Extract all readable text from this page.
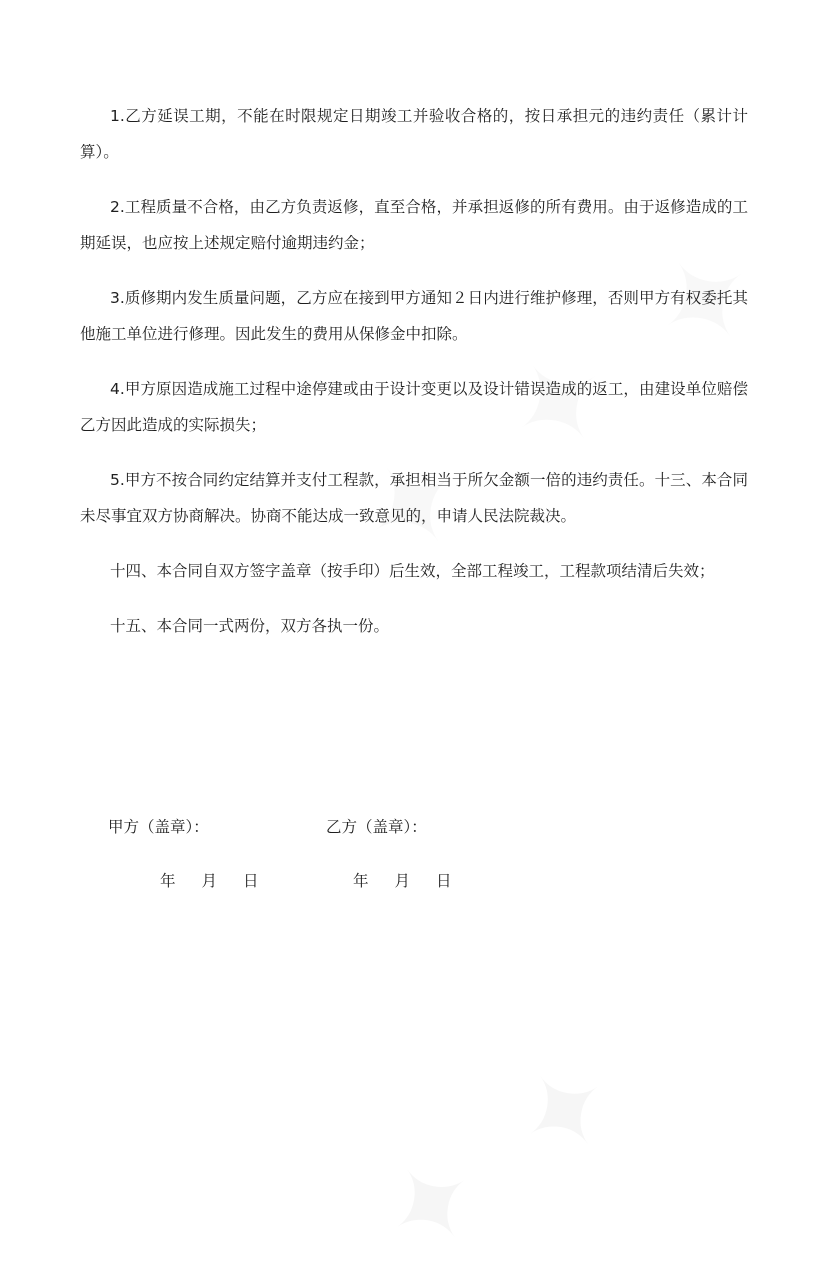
1.乙方延误工期，不能在时限规定日期竣工并验收合格的，按日承担元的违约责任（累计计算）。

2.工程质量不合格，由乙方负责返修，直至合格，并承担返修的所有费用。由于返修造成的工期延误，也应按上述规定赔付逾期违约金；

3.质修期内发生质量问题，乙方应在接到甲方通知２日内进行维护修理，否则甲方有权委托其他施工单位进行修理。因此发生的费用从保修金中扣除。

4.甲方原因造成施工过程中途停建或由于设计变更以及设计错误造成的返工，由建设单位赔偿乙方因此造成的实际损失；

5.甲方不按合同约定结算并支付工程款，承担相当于所欠金额一倍的违约责任。十三、本合同未尽事宜双方协商解决。协商不能达成一致意见的，申请人民法院裁决。

十四、本合同自双方签字盖章（按手印）后生效，全部工程竣工，工程款项结清后失效；

十五、本合同一式两份，双方各执一份。

甲方（盖章）：	乙方（盖章）：
年 月 日	年 月 日
